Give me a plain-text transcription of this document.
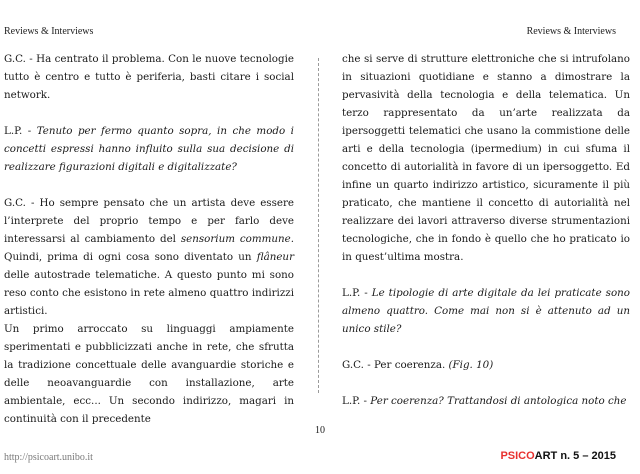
Reviews & Interviews	Reviews & Interviews

G.C. - Ha centrato il problema. Con le nuove tecnologie tutto è centro e tutto è periferia, basti citare i social network.

L.P. - Tenuto per fermo quanto sopra, in che modo i concetti espressi hanno influito sulla sua decisione di realizzare figurazioni digitali e digitalizzate?

G.C. - Ho sempre pensato che un artista deve essere l’interprete del proprio tempo e per farlo deve interessarsi al cambiamento del sensorium commune. Quindi, prima di ogni cosa sono diventato un flâneur delle autostrade telematiche. A questo punto mi sono reso conto che esistono in rete almeno quattro indirizzi artistici.

Un primo arroccato su linguaggi ampiamente sperimentati e pubblicizzati anche in rete, che sfrutta la tradizione concettuale delle avanguardie storiche e delle neoavanguardie con installazione, arte ambientale, ecc... Un secondo indirizzo, magari in continuità con il precedente

che si serve di strutture elettroniche che si intrufolano in situazioni quotidiane e stanno a dimostrare la pervasività della tecnologia e della telematica. Un terzo rappresentato da un’arte realizzata da ipersoggetti telematici che usano la commistione delle arti e della tecnologia (ipermedium) in cui sfuma il concetto di autorialità in favore di un ipersoggetto. Ed infine un quarto indirizzo artistico, sicuramente il più praticato, che mantiene il concetto di autorialità nel realizzare dei lavori attraverso diverse strumentazioni tecnologiche, che in fondo è quello che ho praticato io in quest’ultima mostra.

L.P. - Le tipologie di arte digitale da lei praticate sono almeno quattro. Come mai non si è attenuto ad un unico stile?

G.C. - Per coerenza. (Fig. 10)

L.P. - Per coerenza? Trattandosi di antologica noto che

10
http://psicoart.unibo.it	PSICOART n. 5 – 2015
